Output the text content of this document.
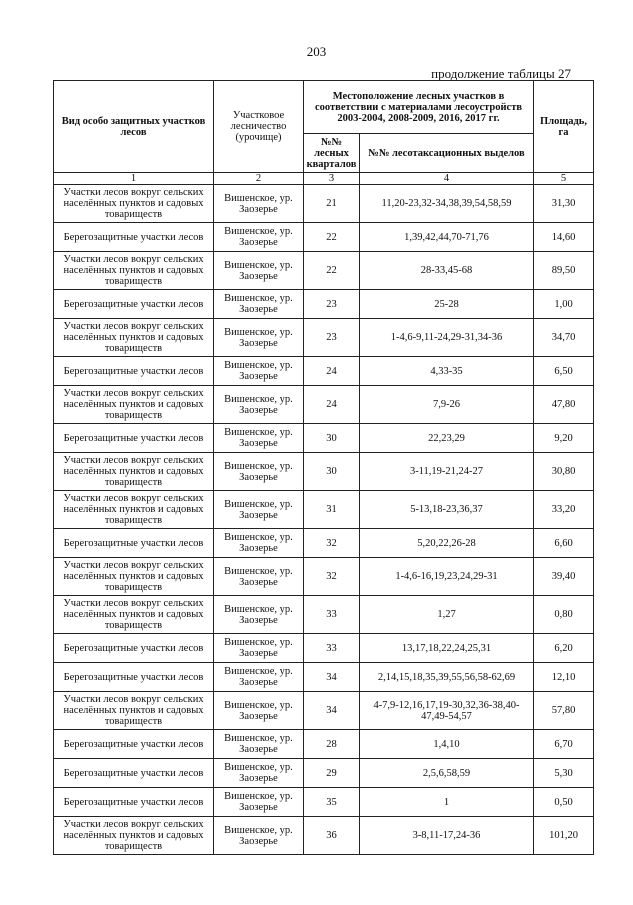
203
продолжение таблицы 27
Вид особо защитных участков лесов	Участковое лесничество (урочище)	Местоположение лесных участков в соответствии с материалами лесоустройств 2003-2004, 2008-2009, 2016, 2017 гг.		Площадь, га
		№№ лесных кварталов	№№ лесотаксационных выделов	
1	2	3	4	5
Участки лесов вокруг сельских населённых пунктов и садовых товариществ	Вишенское, ур. Заозерье	21	11,20-23,32-34,38,39,54,58,59	31,30
Берегозащитные участки лесов	Вишенское, ур. Заозерье	22	1,39,42,44,70-71,76	14,60
Участки лесов вокруг сельских населённых пунктов и садовых товариществ	Вишенское, ур. Заозерье	22	28-33,45-68	89,50
Берегозащитные участки лесов	Вишенское, ур. Заозерье	23	25-28	1,00
Участки лесов вокруг сельских населённых пунктов и садовых товариществ	Вишенское, ур. Заозерье	23	1-4,6-9,11-24,29-31,34-36	34,70
Берегозащитные участки лесов	Вишенское, ур. Заозерье	24	4,33-35	6,50
Участки лесов вокруг сельских населённых пунктов и садовых товариществ	Вишенское, ур. Заозерье	24	7,9-26	47,80
Берегозащитные участки лесов	Вишенское, ур. Заозерье	30	22,23,29	9,20
Участки лесов вокруг сельских населённых пунктов и садовых товариществ	Вишенское, ур. Заозерье	30	3-11,19-21,24-27	30,80
Участки лесов вокруг сельских населённых пунктов и садовых товариществ	Вишенское, ур. Заозерье	31	5-13,18-23,36,37	33,20
Берегозащитные участки лесов	Вишенское, ур. Заозерье	32	5,20,22,26-28	6,60
Участки лесов вокруг сельских населённых пунктов и садовых товариществ	Вишенское, ур. Заозерье	32	1-4,6-16,19,23,24,29-31	39,40
Участки лесов вокруг сельских населённых пунктов и садовых товариществ	Вишенское, ур. Заозерье	33	1,27	0,80
Берегозащитные участки лесов	Вишенское, ур. Заозерье	33	13,17,18,22,24,25,31	6,20
Берегозащитные участки лесов	Вишенское, ур. Заозерье	34	2,14,15,18,35,39,55,56,58-62,69	12,10
Участки лесов вокруг сельских населённых пунктов и садовых товариществ	Вишенское, ур. Заозерье	34	4-7,9-12,16,17,19-30,32,36-38,40-47,49-54,57	57,80
Берегозащитные участки лесов	Вишенское, ур. Заозерье	28	1,4,10	6,70
Берегозащитные участки лесов	Вишенское, ур. Заозерье	29	2,5,6,58,59	5,30
Берегозащитные участки лесов	Вишенское, ур. Заозерье	35	1	0,50
Участки лесов вокруг сельских населённых пунктов и садовых товариществ	Вишенское, ур. Заозерье	36	3-8,11-17,24-36	101,20
